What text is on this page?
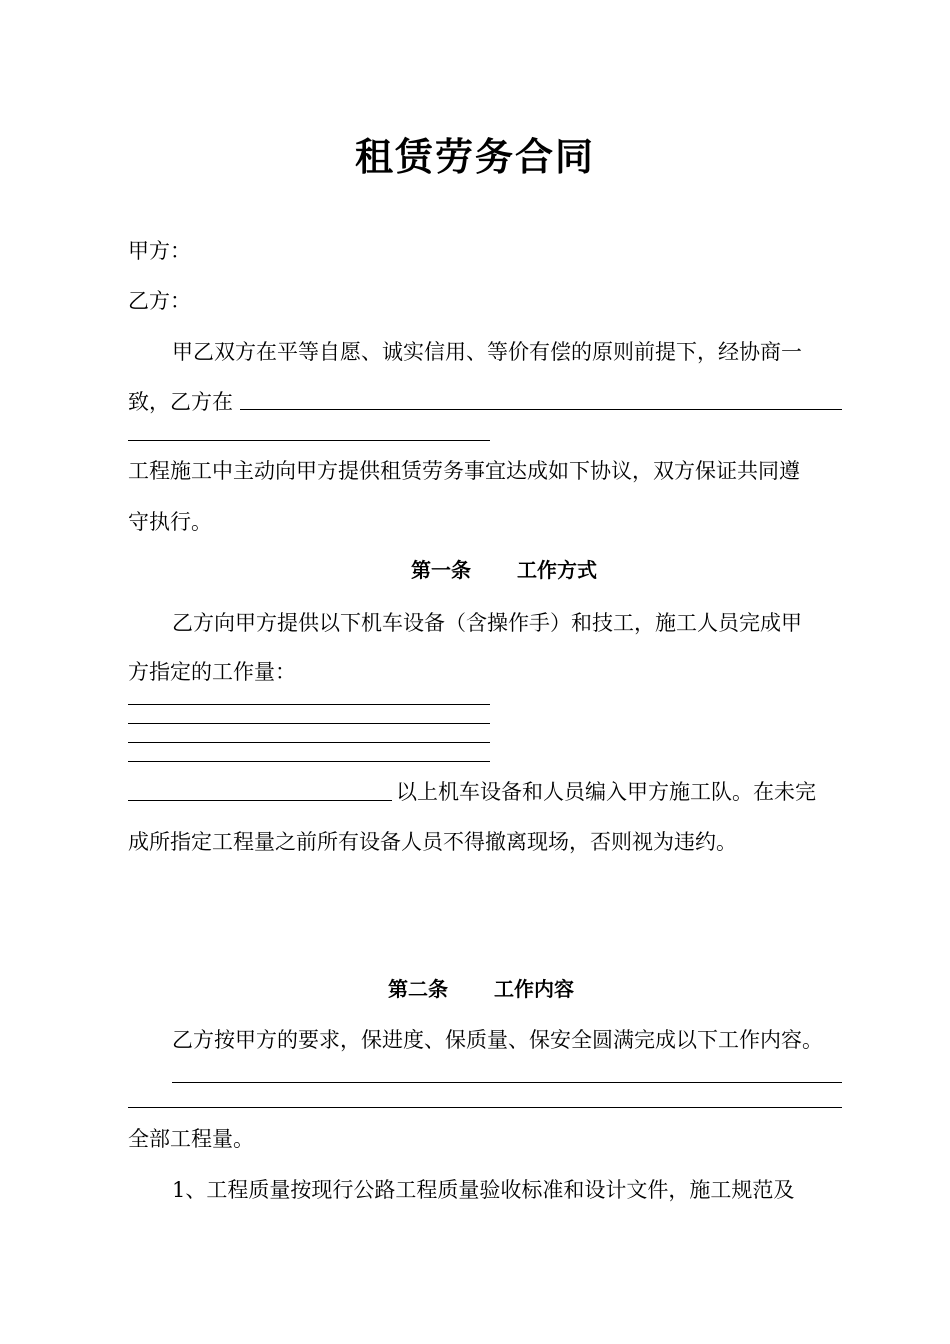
租赁劳务合同
甲方：
乙方：
甲乙双方在平等自愿、诚实信用、等价有偿的原则前提下，经协商一
致，乙方在
工程施工中主动向甲方提供租赁劳务事宜达成如下协议，双方保证共同遵
守执行。
第一条 工作方式
乙方向甲方提供以下机车设备（含操作手）和技工，施工人员完成甲
方指定的工作量：
以上机车设备和人员编入甲方施工队。在未完
成所指定工程量之前所有设备人员不得撤离现场，否则视为违约。
第二条 工作内容
乙方按甲方的要求，保进度、保质量、保安全圆满完成以下工作内容。
全部工程量。
1、工程质量按现行公路工程质量验收标准和设计文件，施工规范及
